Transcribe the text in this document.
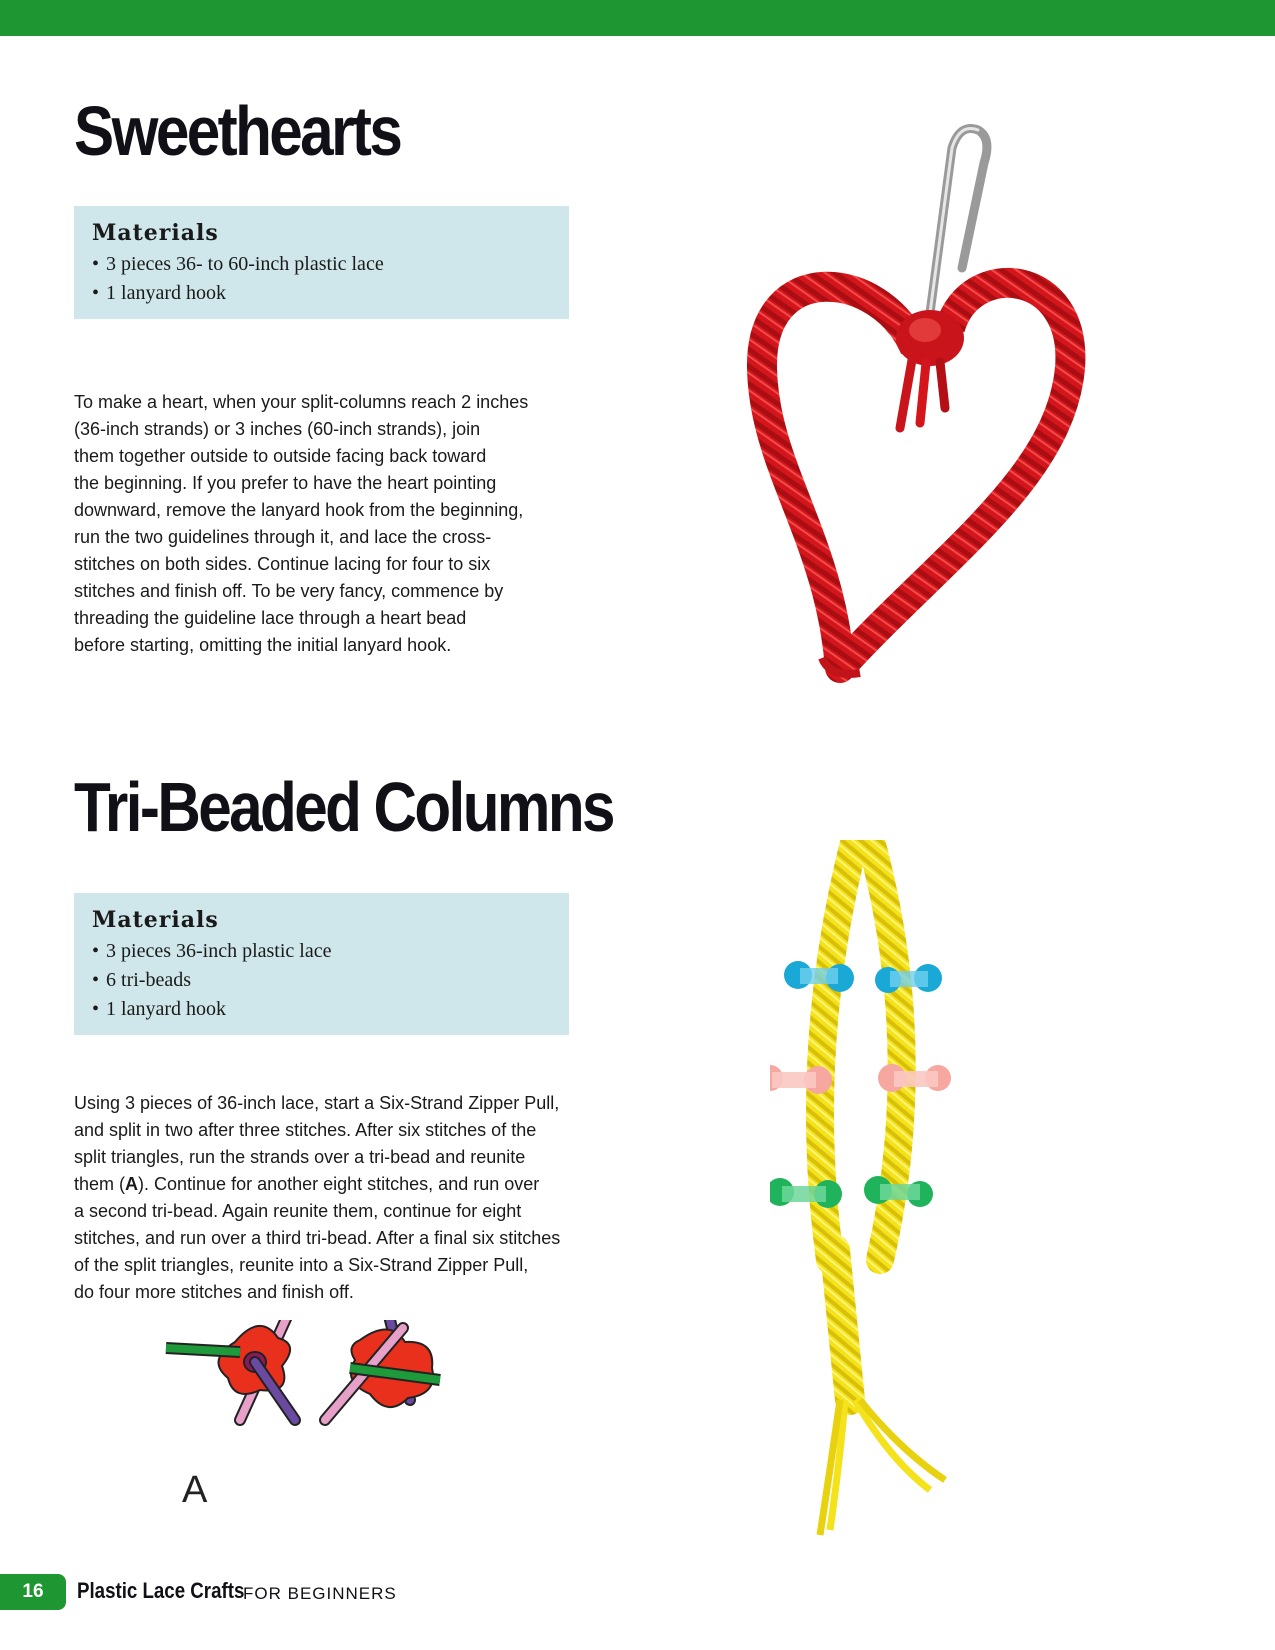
Sweethearts
Materials
• 3 pieces 36- to 60-inch plastic lace
• 1 lanyard hook
To make a heart, when your split-columns reach 2 inches
(36-inch strands) or 3 inches (60-inch strands), join
them together outside to outside facing back toward
the beginning. If you prefer to have the heart pointing
downward, remove the lanyard hook from the beginning,
run the two guidelines through it, and lace the cross-
stitches on both sides. Continue lacing for four to six
stitches and finish off. To be very fancy, commence by
threading the guideline lace through a heart bead
before starting, omitting the initial lanyard hook.
Tri-Beaded Columns
Materials
• 3 pieces 36-inch plastic lace
• 6 tri-beads
• 1 lanyard hook
Using 3 pieces of 36-inch lace, start a Six-Strand Zipper Pull,
and split in two after three stitches. After six stitches of the
split triangles, run the strands over a tri-bead and reunite
them (A). Continue for another eight stitches, and run over
a second tri-bead. Again reunite them, continue for eight
stitches, and run over a third tri-bead. After a final six stitches
of the split triangles, reunite into a Six-Strand Zipper Pull,
do four more stitches and finish off.
A
16	Plastic Lace Crafts
FOR BEGINNERS
